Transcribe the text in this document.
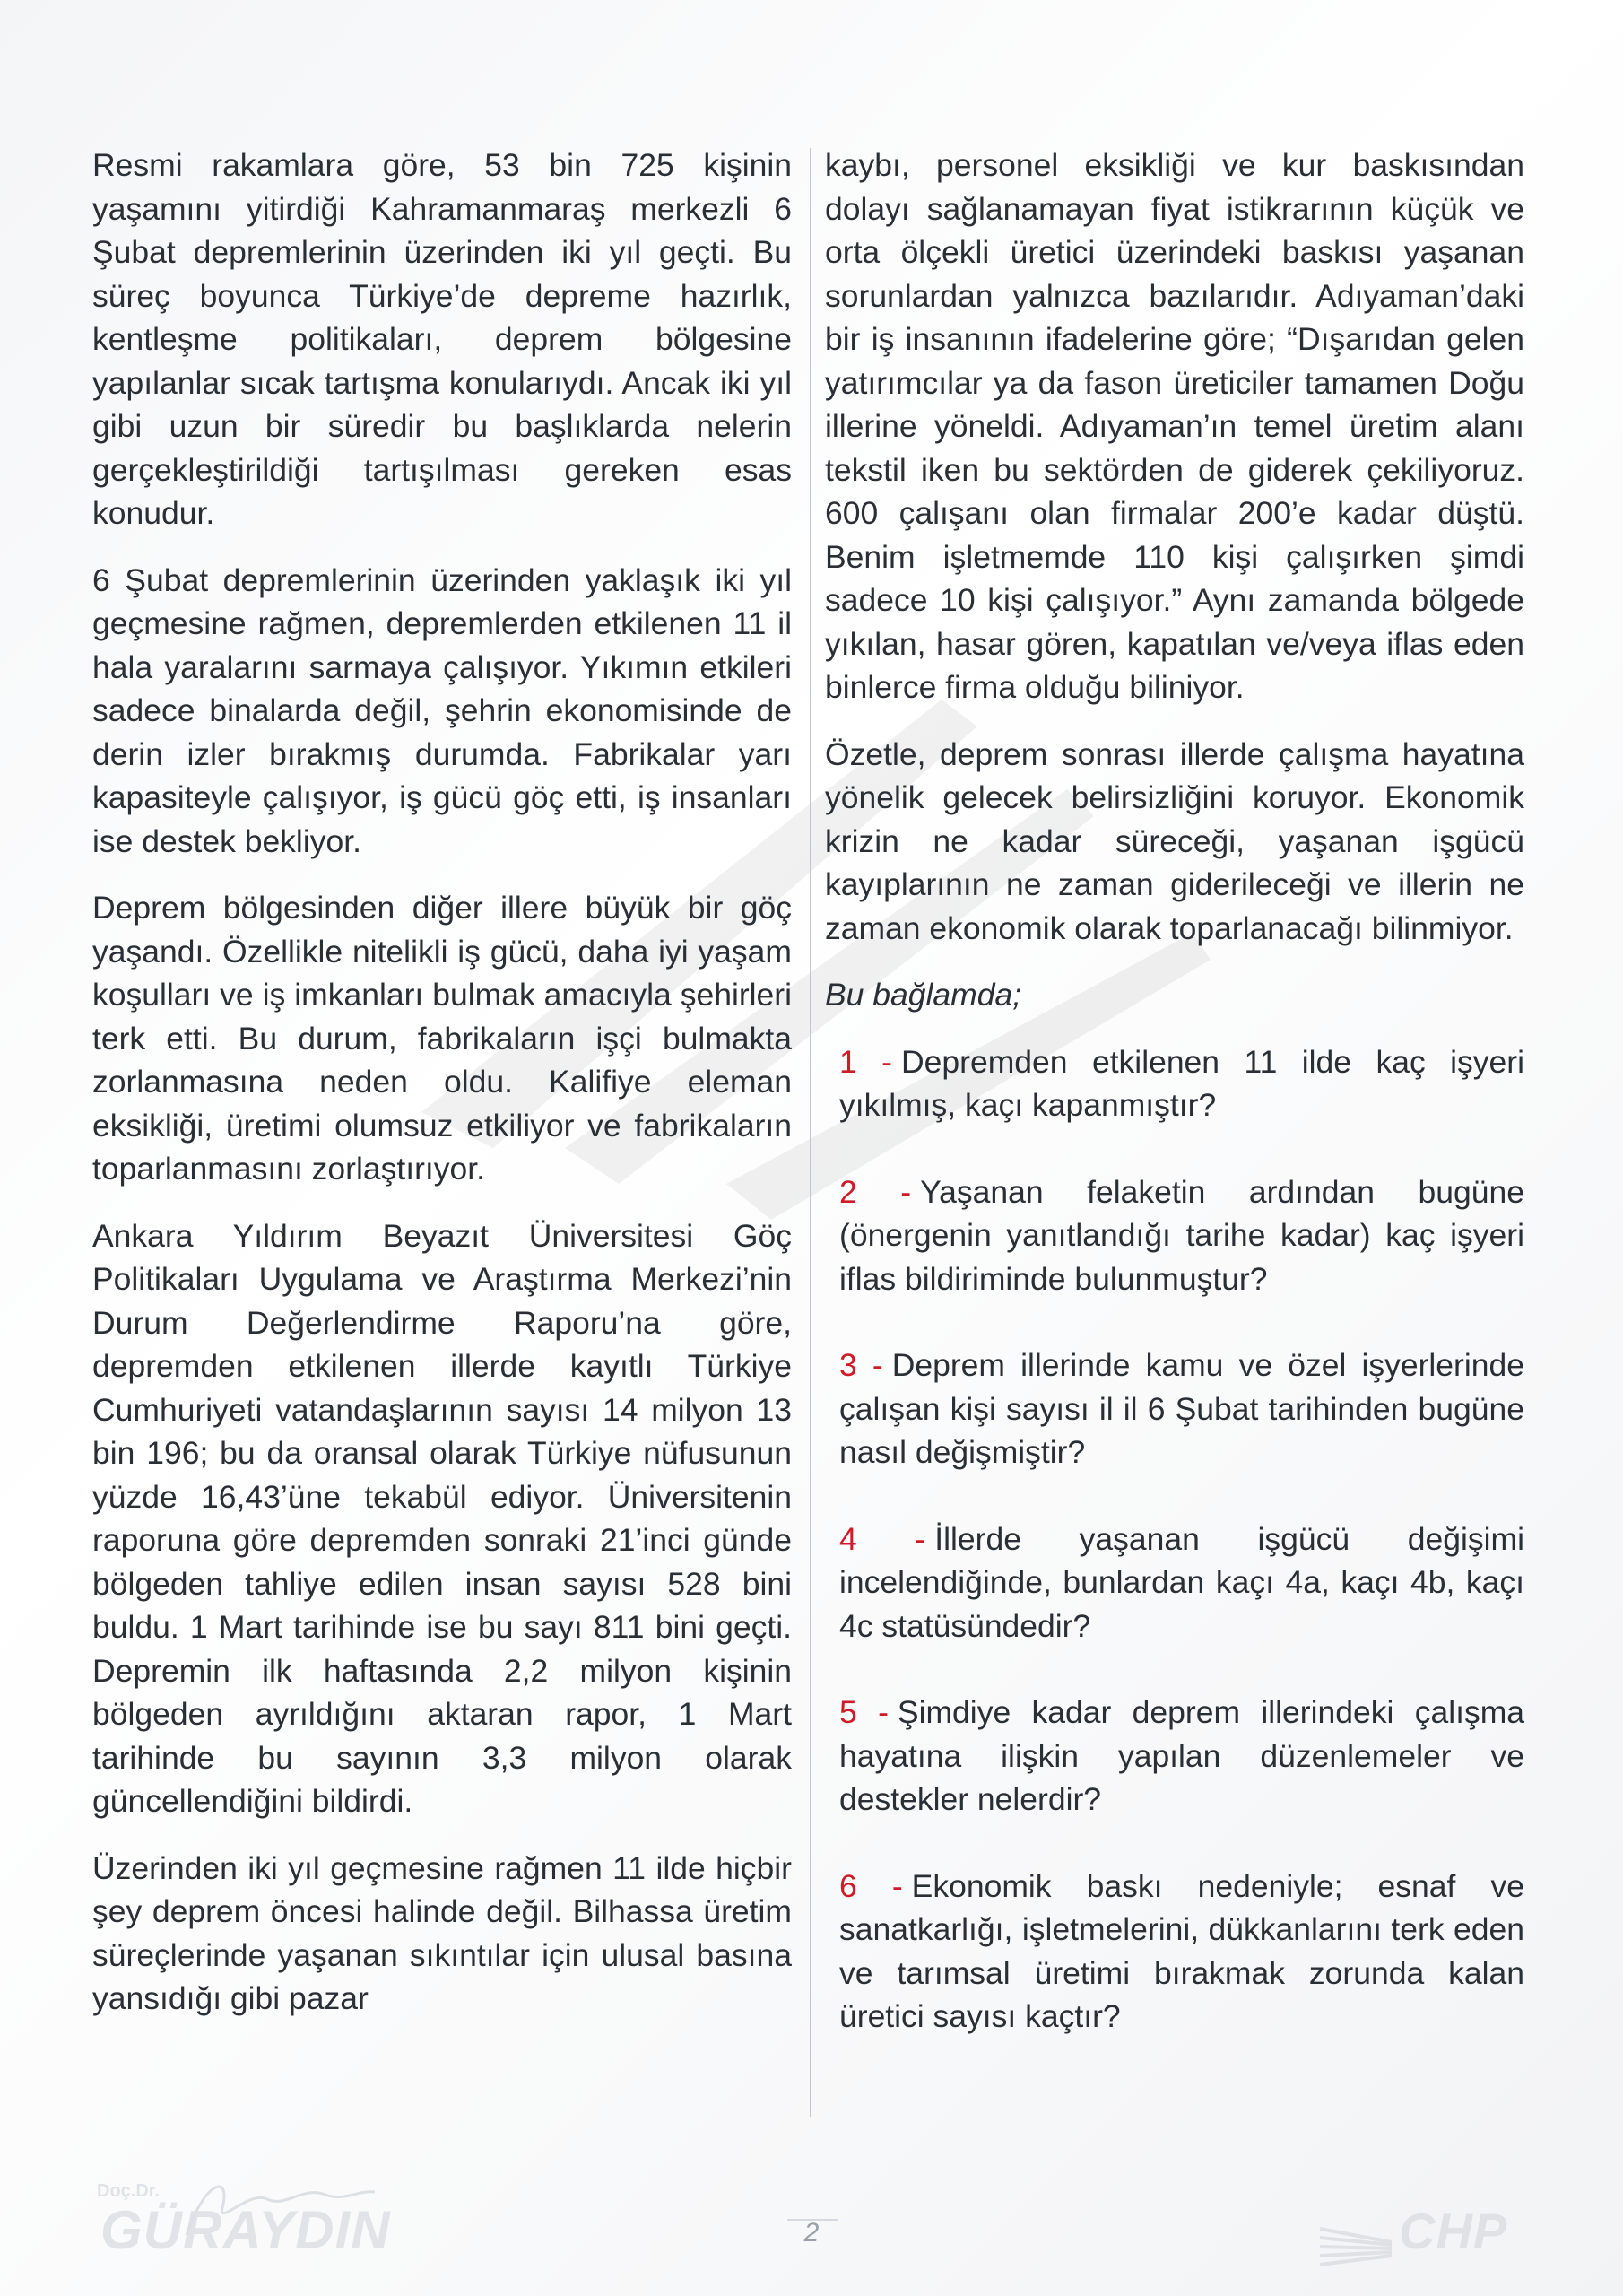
Resmi rakamlara göre, 53 bin 725 kişinin yaşamını yitirdiği Kahramanmaraş merkezli 6 Şubat depremlerinin üzerinden iki yıl geçti. Bu süreç boyunca Türkiye’de depreme hazırlık, kentleşme politikaları, deprem bölgesine yapılanlar sıcak tartışma konularıydı. Ancak iki yıl gibi uzun bir süredir bu başlıklarda nelerin gerçekleştirildiği tartışılması gereken esas konudur.

6 Şubat depremlerinin üzerinden yaklaşık iki yıl geçmesine rağmen, depremlerden etkilenen 11 il hala yaralarını sarmaya çalışıyor. Yıkımın etkileri sadece binalarda değil, şehrin ekonomisinde de derin izler bırakmış durumda. Fabrikalar yarı kapasiteyle çalışıyor, iş gücü göç etti, iş insanları ise destek bekliyor.

Deprem bölgesinden diğer illere büyük bir göç yaşandı. Özellikle nitelikli iş gücü, daha iyi yaşam koşulları ve iş imkanları bulmak amacıyla şehirleri terk etti. Bu durum, fabrikaların işçi bulmakta zorlanmasına neden oldu. Kalifiye eleman eksikliği, üretimi olumsuz etkiliyor ve fabrikaların toparlanmasını zorlaştırıyor.

Ankara Yıldırım Beyazıt Üniversitesi Göç Politikaları Uygulama ve Araştırma Merkezi’nin Durum Değerlendirme Raporu’na göre, depremden etkilenen illerde kayıtlı Türkiye Cumhuriyeti vatandaşlarının sayısı 14 milyon 13 bin 196; bu da oransal olarak Türkiye nüfusunun yüzde 16,43’üne tekabül ediyor. Üniversitenin raporuna göre depremden sonraki 21’inci günde bölgeden tahliye edilen insan sayısı 528 bini buldu. 1 Mart tarihinde ise bu sayı 811 bini geçti. Depremin ilk haftasında 2,2 milyon kişinin bölgeden ayrıldığını aktaran rapor, 1 Mart tarihinde bu sayının 3,3 milyon olarak güncellendiğini bildirdi.

Üzerinden iki yıl geçmesine rağmen 11 ilde hiçbir şey deprem öncesi halinde değil. Bilhassa üretim süreçlerinde yaşanan sıkıntılar için ulusal basına yansıdığı gibi pazar

kaybı, personel eksikliği ve kur baskısından dolayı sağlanamayan fiyat istikrarının küçük ve orta ölçekli üretici üzerindeki baskısı yaşanan sorunlardan yalnızca bazılarıdır. Adıyaman’daki bir iş insanının ifadelerine göre; “Dışarıdan gelen yatırımcılar ya da fason üreticiler tamamen Doğu illerine yöneldi. Adıyaman’ın temel üretim alanı tekstil iken bu sektörden de giderek çekiliyoruz. 600 çalışanı olan firmalar 200’e kadar düştü. Benim işletmemde 110 kişi çalışırken şimdi sadece 10 kişi çalışıyor.” Aynı zamanda bölgede yıkılan, hasar gören, kapatılan ve/veya iflas eden binlerce firma olduğu biliniyor.

Özetle, deprem sonrası illerde çalışma hayatına yönelik gelecek belirsizliğini koruyor. Ekonomik krizin ne kadar süreceği, yaşanan işgücü kayıplarının ne zaman giderileceği ve illerin ne zaman ekonomik olarak toparlanacağı bilinmiyor.

Bu bağlamda;

1 - Depremden etkilenen 11 ilde kaç işyeri yıkılmış, kaçı kapanmıştır?
2 - Yaşanan felaketin ardından bugüne (önergenin yanıtlandığı tarihe kadar) kaç işyeri iflas bildiriminde bulunmuştur?
3 - Deprem illerinde kamu ve özel işyerlerinde çalışan kişi sayısı il il 6 Şubat tarihinden bugüne nasıl değişmiştir?
4 - İllerde yaşanan işgücü değişimi incelendiğinde, bunlardan kaçı 4a, kaçı 4b, kaçı 4c statüsündedir?
5 - Şimdiye kadar deprem illerindeki çalışma hayatına ilişkin yapılan düzenlemeler ve destekler nelerdir?
6 - Ekonomik baskı nedeniyle; esnaf ve sanatkarlığı, işletmelerini, dükkanlarını terk eden ve tarımsal üretimi bırakmak zorunda kalan üretici sayısı kaçtır?
Doç.Dr.
GÜRAYDIN	2	CHP
